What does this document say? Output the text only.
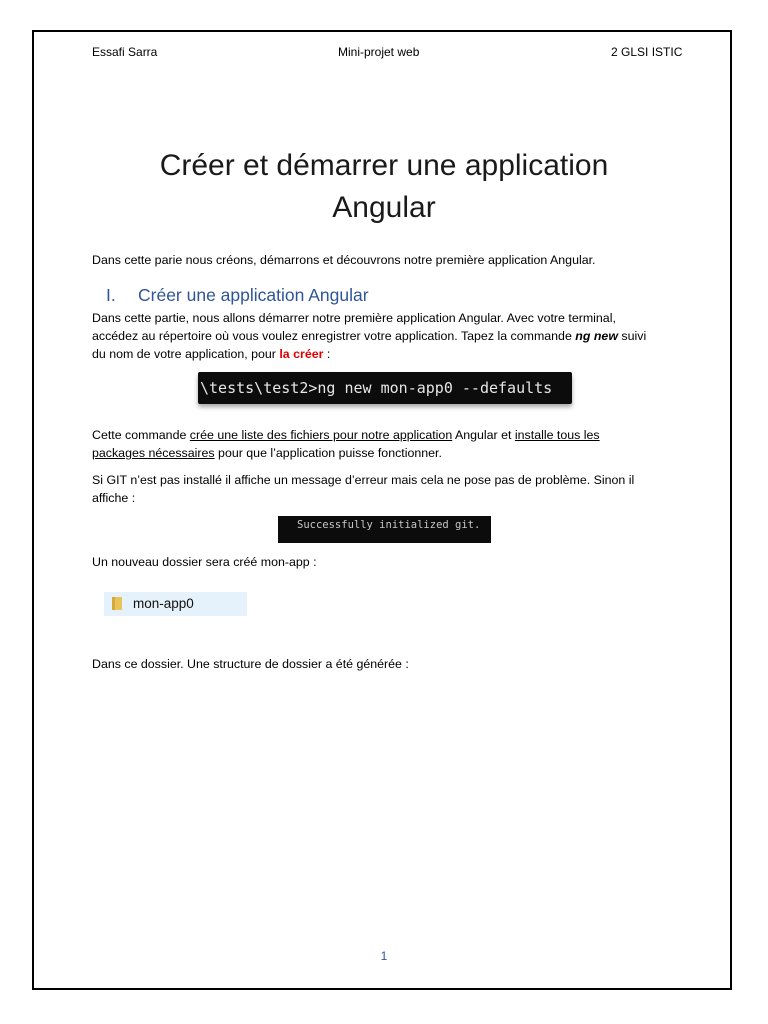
Essafi Sarra	Mini-projet web	2 GLSI ISTIC
Créer et démarrer une application
Angular
Dans cette parie nous créons, démarrons et découvrons notre première application Angular.
I. Créer une application Angular
Dans cette partie, nous allons démarrer notre première application Angular. Avec votre terminal,
accédez au répertoire où vous voulez enregistrer votre application. Tapez la commande ng new suivi
du nom de votre application, pour la créer :
\tests\test2>ng new mon-app0 --defaults
Cette commande crée une liste des fichiers pour notre application Angular et installe tous les
packages nécessaires pour que l’application puisse fonctionner.
Si GIT n’est pas installé il affiche un message d’erreur mais cela ne pose pas de problème. Sinon il
affiche :
Successfully initialized git.
Un nouveau dossier sera créé mon-app :
mon-app0
Dans ce dossier. Une structure de dossier a été générée :
1
